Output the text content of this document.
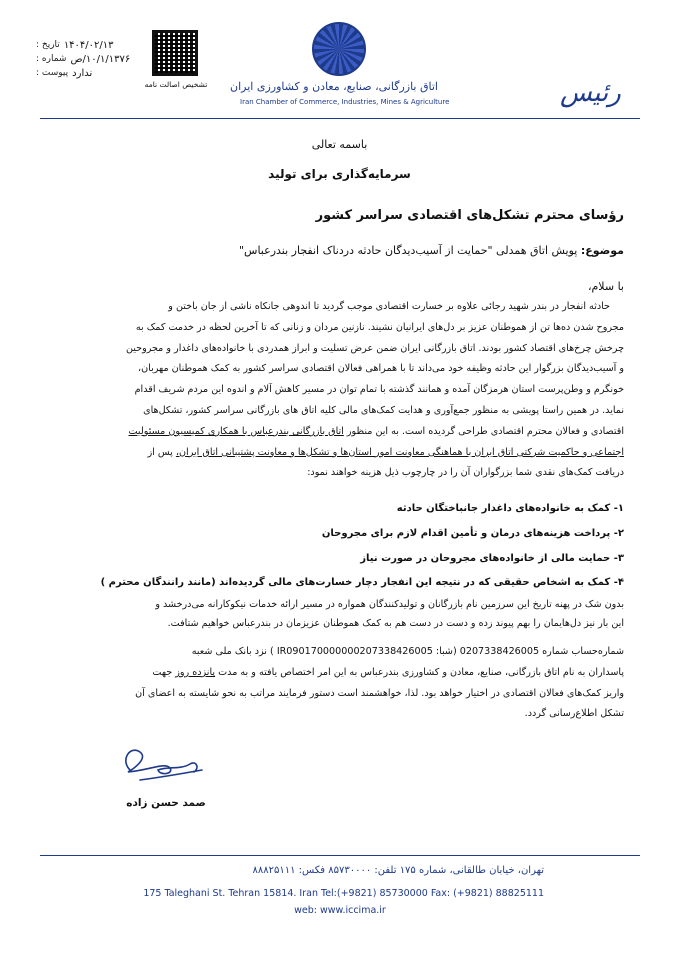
۱۴۰۴/۰۲/۱۳
تاریخ :
۱۰/۱/۱۳۷۶/ص
شماره :
ندارد
پیوست :
تشخیص اصالت نامه	اتاق بازرگانی، صنایع، معادن و کشاورزی ایران
Iran Chamber of Commerce, Industries, Mines & Agriculture	رئیس
باسمه تعالی
سرمایه‌گذاری برای تولید
رؤسای محترم تشکل‌های اقتصادی سراسر کشور
موضوع: پویش اتاق همدلی "حمایت از آسیب‌دیدگان حادثه دردناک انفجار بندرعباس"
با سلام،
حادثه انفجار در بندر شهید رجائی علاوه بر خسارت اقتصادی موجب گردید تا اندوهی جانکاه ناشی از جان باختن و
مجروح شدن ده‌ها تن از هموطنان عزیز بر دل‌های ایرانیان نشیند. نازنین مردان و زنانی که تا آخرین لحظه در خدمت کمک به
چرخش چرخ‌های اقتصاد کشور بودند. اتاق بازرگانی ایران ضمن عرض تسلیت و ابراز همدردی با خانواده‌های داغدار و مجروحین
و آسیب‌دیدگان بزرگوار این حادثه وظیفه خود می‌داند تا با همراهی فعالان اقتصادی سراسر کشور به کمک هموطنان مهربان،
خونگرم و وطن‌پرست استان هرمزگان آمده و همانند گذشته با تمام توان در مسیر کاهش آلام و اندوه این مردم شریف اقدام
نماید. در همین راستا پویشی به منظور جمع‌آوری و هدایت کمک‌های مالی کلیه اتاق های بازرگانی سراسر کشور، تشکل‌های
اقتصادی و فعالان محترم اقتصادی طراحی گردیده است. به این منظور اتاق بازرگانی بندرعباس با همکاری کمیسیون مسئولیت
اجتماعی و حاکمیت شرکتی اتاق ایران با هماهنگی معاونت امور استان‌ها و تشکل‌ها و معاونت پشتیبانی اتاق ایران، پس از
دریافت کمک‌های نقدی شما بزرگواران آن را در چارچوب ذیل هزینه خواهند نمود:
۱- کمک به خانواده‌های داغدار جانباختگان حادثه
۲- پرداخت هزینه‌های درمان و تأمین اقدام لازم برای مجروحان
۳- حمایت مالی از خانواده‌های مجروحان در صورت نیاز
۴- کمک به اشخاص حقیقی که در نتیجه این انفجار دچار خسارت‌های مالی گردیده‌اند (مانند رانندگان محترم )
بدون شک در پهنه تاریخ این سرزمین نام بازرگانان و تولیدکنندگان همواره در مسیر ارائه خدمات نیکوکارانه می‌درخشد و
این بار نیز دل‌هایمان را بهم پیوند زده و دست در دست هم به کمک هموطنان عزیزمان در بندرعباس خواهیم شتافت.
شماره‌حساب شماره 0207338426005 (شبا: IR090170000000207338426005 ) نزد بانک ملی شعبه
پاسداران به نام اتاق بازرگانی، صنایع، معادن و کشاورزی بندرعباس به این امر اختصاص یافته و به مدت پانزده روز جهت
واریز کمک‌های فعالان اقتصادی در اختیار خواهد بود. لذا، خواهشمند است دستور فرمایند مراتب به نحو شایسته به اعضای آن
تشکل اطلاع‌رسانی گردد.
صمد حسن زاده
تهران، خیابان طالقانی، شماره ۱۷۵ تلفن: ۸۵۷۳۰۰۰۰ فکس: ۸۸۸۲۵۱۱۱
175 Taleghani St. Tehran 15814. Iran Tel:(+9821) 85730000 Fax: (+9821) 88825111
web: www.iccima.ir
